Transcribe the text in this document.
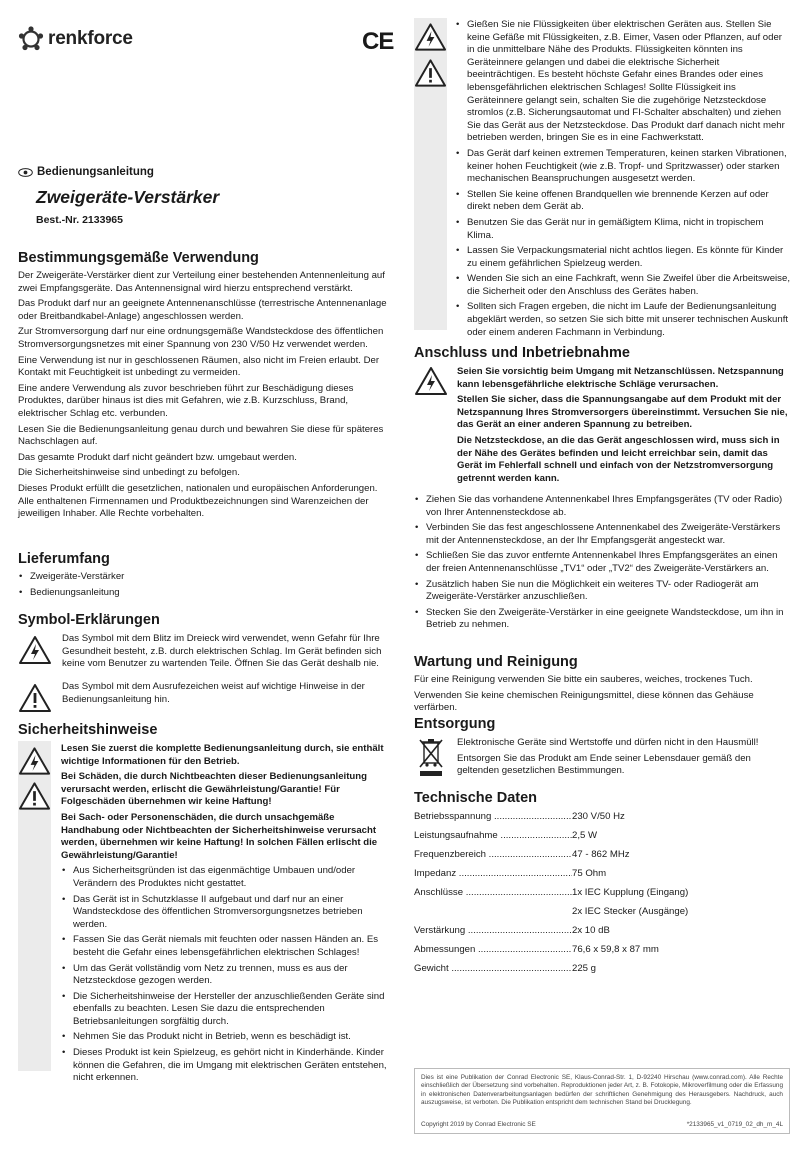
renkforce	CE
Bedienungsanleitung
Zweigeräte-Verstärker
Best.-Nr. 2133965
Bestimmungsgemäße Verwendung

Der Zweigeräte-Verstärker dient zur Verteilung einer bestehenden Antennenleitung auf zwei Empfangsgeräte. Das Antennensignal wird hierzu entsprechend verstärkt.

Das Produkt darf nur an geeignete Antennenanschlüsse (terrestrische Antennenanlage oder Breitbandkabel-Anlage) angeschlossen werden.

Zur Stromversorgung darf nur eine ordnungsgemäße Wandsteckdose des öffentlichen Stromversorgungsnetzes mit einer Spannung von 230 V/50 Hz verwendet werden.

Eine Verwendung ist nur in geschlossenen Räumen, also nicht im Freien erlaubt. Der Kontakt mit Feuchtigkeit ist unbedingt zu vermeiden.

Eine andere Verwendung als zuvor beschrieben führt zur Beschädigung dieses Produktes, darüber hinaus ist dies mit Gefahren, wie z.B. Kurzschluss, Brand, elektrischer Schlag etc. verbunden.

Lesen Sie die Bedienungsanleitung genau durch und bewahren Sie diese für späteres Nachschlagen auf.

Das gesamte Produkt darf nicht geändert bzw. umgebaut werden.

Die Sicherheitshinweise sind unbedingt zu befolgen.

Dieses Produkt erfüllt die gesetzlichen, nationalen und europäischen Anforderungen. Alle enthaltenen Firmennamen und Produktbezeichnungen sind Warenzeichen der jeweiligen Inhaber. Alle Rechte vorbehalten.

Lieferumfang
• Zweigeräte-Verstärker
• Bedienungsanleitung
Symbol-Erklärungen

Das Symbol mit dem Blitz im Dreieck wird verwendet, wenn Gefahr für Ihre Gesundheit besteht, z.B. durch elektrischen Schlag. Im Gerät befinden sich keine vom Benutzer zu wartenden Teile. Öffnen Sie das Gerät deshalb nie.

Das Symbol mit dem Ausrufezeichen weist auf wichtige Hinweise in der Bedienungsanleitung hin.

Sicherheitshinweise

Lesen Sie zuerst die komplette Bedienungsanleitung durch, sie enthält wichtige Informationen für den Betrieb.

Bei Schäden, die durch Nichtbeachten dieser Bedienungsanleitung verursacht werden, erlischt die Gewährleistung/Garantie! Für Folgeschäden übernehmen wir keine Haftung!

Bei Sach- oder Personenschäden, die durch unsachgemäße Handhabung oder Nichtbeachten der Sicherheitshinweise verursacht werden, übernehmen wir keine Haftung! In solchen Fällen erlischt die Gewährleistung/Garantie!

• Aus Sicherheitsgründen ist das eigenmächtige Umbauen und/oder Verändern des Produktes nicht gestattet.
• Das Gerät ist in Schutzklasse II aufgebaut und darf nur an einer Wandsteckdose des öffentlichen Stromversorgungsnetzes betrieben werden.
• Fassen Sie das Gerät niemals mit feuchten oder nassen Händen an. Es besteht die Gefahr eines lebensgefährlichen elektrischen Schlages!
• Um das Gerät vollständig vom Netz zu trennen, muss es aus der Netzsteckdose gezogen werden.
• Die Sicherheitshinweise der Hersteller der anzuschließenden Geräte sind ebenfalls zu beachten. Lesen Sie dazu die entsprechenden Betriebsanleitungen sorgfältig durch.
• Nehmen Sie das Produkt nicht in Betrieb, wenn es beschädigt ist.
• Dieses Produkt ist kein Spielzeug, es gehört nicht in Kinderhände. Kinder können die Gefahren, die im Umgang mit elektrischen Geräten entstehen, nicht erkennen.
• Gießen Sie nie Flüssigkeiten über elektrischen Geräten aus. Stellen Sie keine Gefäße mit Flüssigkeiten, z.B. Eimer, Vasen oder Pflanzen, auf oder in die unmittelbare Nähe des Produkts. Flüssigkeiten könnten ins Geräteinnere gelangen und dabei die elektrische Sicherheit beeinträchtigen. Es besteht höchste Gefahr eines Brandes oder eines lebensgefährlichen elektrischen Schlages! Sollte Flüssigkeit ins Geräteinnere gelangt sein, schalten Sie die zugehörige Netzsteckdose stromlos (z.B. Sicherungsautomat und FI-Schalter abschalten) und ziehen Sie das Gerät aus der Netzsteckdose. Das Produkt darf danach nicht mehr betrieben werden, bringen Sie es in eine Fachwerkstatt.
• Das Gerät darf keinen extremen Temperaturen, keinen starken Vibrationen, keiner hohen Feuchtigkeit (wie z.B. Tropf- und Spritzwasser) oder starken mechanischen Beanspruchungen ausgesetzt werden.
• Stellen Sie keine offenen Brandquellen wie brennende Kerzen auf oder direkt neben dem Gerät ab.
• Benutzen Sie das Gerät nur in gemäßigtem Klima, nicht in tropischem Klima.
• Lassen Sie Verpackungsmaterial nicht achtlos liegen. Es könnte für Kinder zu einem gefährlichen Spielzeug werden.
• Wenden Sie sich an eine Fachkraft, wenn Sie Zweifel über die Arbeitsweise, die Sicherheit oder den Anschluss des Gerätes haben.
• Sollten sich Fragen ergeben, die nicht im Laufe der Bedienungsanleitung abgeklärt werden, so setzen Sie sich bitte mit unserer technischen Auskunft oder einem anderen Fachmann in Verbindung.
Anschluss und Inbetriebnahme

Seien Sie vorsichtig beim Umgang mit Netzanschlüssen. Netzspannung kann lebensgefährliche elektrische Schläge verursachen.

Stellen Sie sicher, dass die Spannungsangabe auf dem Produkt mit der Netzspannung Ihres Stromversorgers übereinstimmt. Versuchen Sie nie, das Gerät an einer anderen Spannung zu betreiben.

Die Netzsteckdose, an die das Gerät angeschlossen wird, muss sich in der Nähe des Gerätes befinden und leicht erreichbar sein, damit das Gerät im Fehlerfall schnell und einfach von der Netzstromversorgung getrennt werden kann.

• Ziehen Sie das vorhandene Antennenkabel Ihres Empfangsgerätes (TV oder Radio) von Ihrer Antennensteckdose ab.
• Verbinden Sie das fest angeschlossene Antennenkabel des Zweigeräte-Verstärkers mit der Antennensteckdose, an der Ihr Empfangsgerät angesteckt war.
• Schließen Sie das zuvor entfernte Antennenkabel Ihres Empfangsgerätes an einen der freien Antennenanschlüsse „TV1“ oder „TV2“ des Zweigeräte-Verstärkers an.
• Zusätzlich haben Sie nun die Möglichkeit ein weiteres TV- oder Radiogerät am Zweigeräte-Verstärker anzuschließen.
• Stecken Sie den Zweigeräte-Verstärker in eine geeignete Wandsteckdose, um ihn in Betrieb zu nehmen.
Wartung und Reinigung

Für eine Reinigung verwenden Sie bitte ein sauberes, weiches, trockenes Tuch.

Verwenden Sie keine chemischen Reinigungsmittel, diese können das Gehäuse verfärben.

Entsorgung

Elektronische Geräte sind Wertstoffe und dürfen nicht in den Hausmüll!

Entsorgen Sie das Produkt am Ende seiner Lebensdauer gemäß den geltenden gesetzlichen Bestimmungen.

Technische Daten
Betriebsspannung .....	230 V/50 Hz
Leistungsaufnahme .....	2,5 W
Frequenzbereich .....	47 - 862 MHz
Impedanz .....	75 Ohm
Anschlüsse .....	1x IEC Kupplung (Eingang)
2x IEC Stecker (Ausgänge)
Verstärkung .....	2x 10 dB
Abmessungen .....	76,6 x 59,8 x 87 mm
Gewicht .....	225 g

Dies ist eine Publikation der Conrad Electronic SE, Klaus-Conrad-Str. 1, D-92240 Hirschau (www.conrad.com). Alle Rechte einschließlich der Übersetzung sind vorbehalten. Reproduktionen jeder Art, z. B. Fotokopie, Mikroverfilmung oder die Erfassung in elektronischen Datenverarbeitungsanlagen bedürfen der schriftlichen Genehmigung des Herausgebers. Nachdruck, auch auszugsweise, ist verboten. Die Publikation entspricht dem technischen Stand bei Drucklegung.

Copyright 2019 by Conrad Electronic SE	*2133965_v1_0719_02_dh_m_4L
